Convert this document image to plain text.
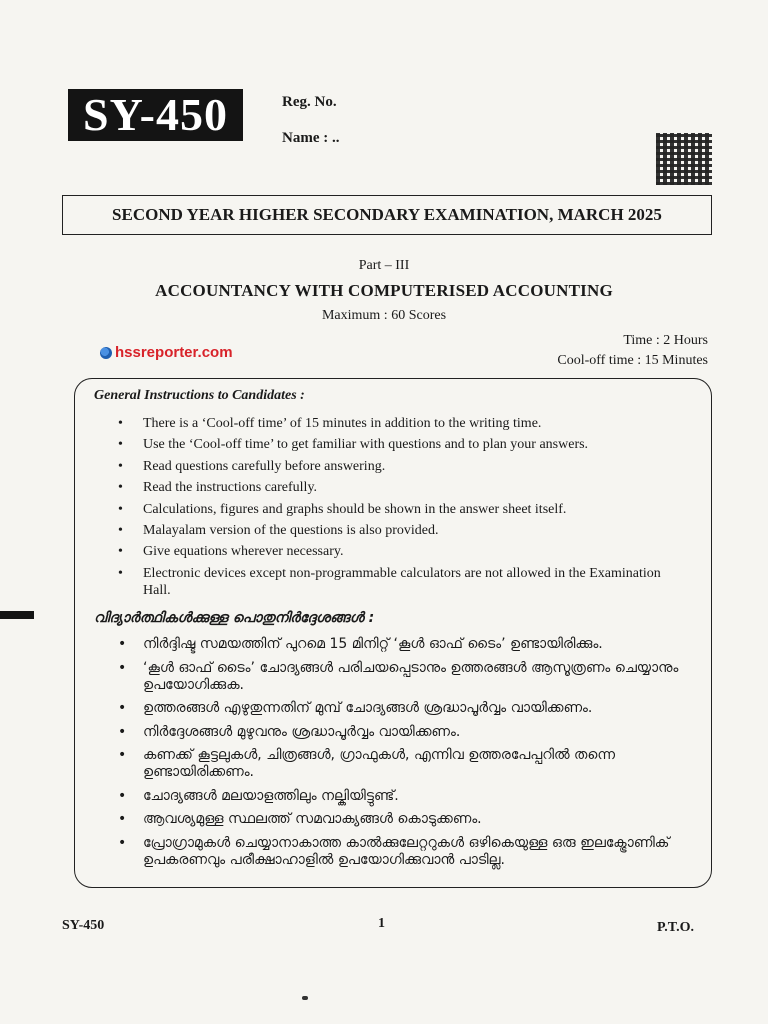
SY-450	Reg. No.
Name : ..
SECOND YEAR HIGHER SECONDARY EXAMINATION, MARCH 2025
Part – III
ACCOUNTANCY WITH COMPUTERISED ACCOUNTING
Maximum : 60 Scores
Time : 2 Hours
Cool-off time : 15 Minutes
hssreporter.com
General Instructions to Candidates :
• There is a ‘Cool-off time’ of 15 minutes in addition to the writing time.
• Use the ‘Cool-off time’ to get familiar with questions and to plan your answers.
• Read questions carefully before answering.
• Read the instructions carefully.
• Calculations, figures and graphs should be shown in the answer sheet itself.
• Malayalam version of the questions is also provided.
• Give equations wherever necessary.
• Electronic devices except non-programmable calculators are not allowed in the Examination Hall.
വിദ്യാർത്ഥികൾക്കുള്ള പൊതുനിർദ്ദേശങ്ങൾ :
• നിർദ്ദിഷ്ട സമയത്തിന് പുറമെ 15 മിനിറ്റ് ‘കൂൾ ഓഫ് ടൈം’ ഉണ്ടായിരിക്കും.
• ‘കൂൾ ഓഫ് ടൈം’ ചോദ്യങ്ങൾ പരിചയപ്പെടാനും ഉത്തരങ്ങൾ ആസൂത്രണം ചെയ്യാനും ഉപയോഗിക്കുക.
• ഉത്തരങ്ങൾ എഴുതുന്നതിന് മുമ്പ് ചോദ്യങ്ങൾ ശ്രദ്ധാപൂർവ്വം വായിക്കണം.
• നിർദ്ദേശങ്ങൾ മുഴുവനും ശ്രദ്ധാപൂർവ്വം വായിക്കണം.
• കണക്ക് കൂട്ടലുകൾ, ചിത്രങ്ങൾ, ഗ്രാഫുകൾ, എന്നിവ ഉത്തരപേപ്പറിൽ തന്നെ ഉണ്ടായിരിക്കണം.
• ചോദ്യങ്ങൾ മലയാളത്തിലും നല്കിയിട്ടുണ്ട്.
• ആവശ്യമുള്ള സ്ഥലത്ത് സമവാക്യങ്ങൾ കൊടുക്കണം.
• പ്രോഗ്രാമുകൾ ചെയ്യാനാകാത്ത കാൽക്കുലേറ്ററുകൾ ഒഴികെയുള്ള ഒരു ഇലക്ട്രോണിക് ഉപകരണവും പരീക്ഷാഹാളിൽ ഉപയോഗിക്കുവാൻ പാടില്ല.
SY-450	1	P.T.O.
